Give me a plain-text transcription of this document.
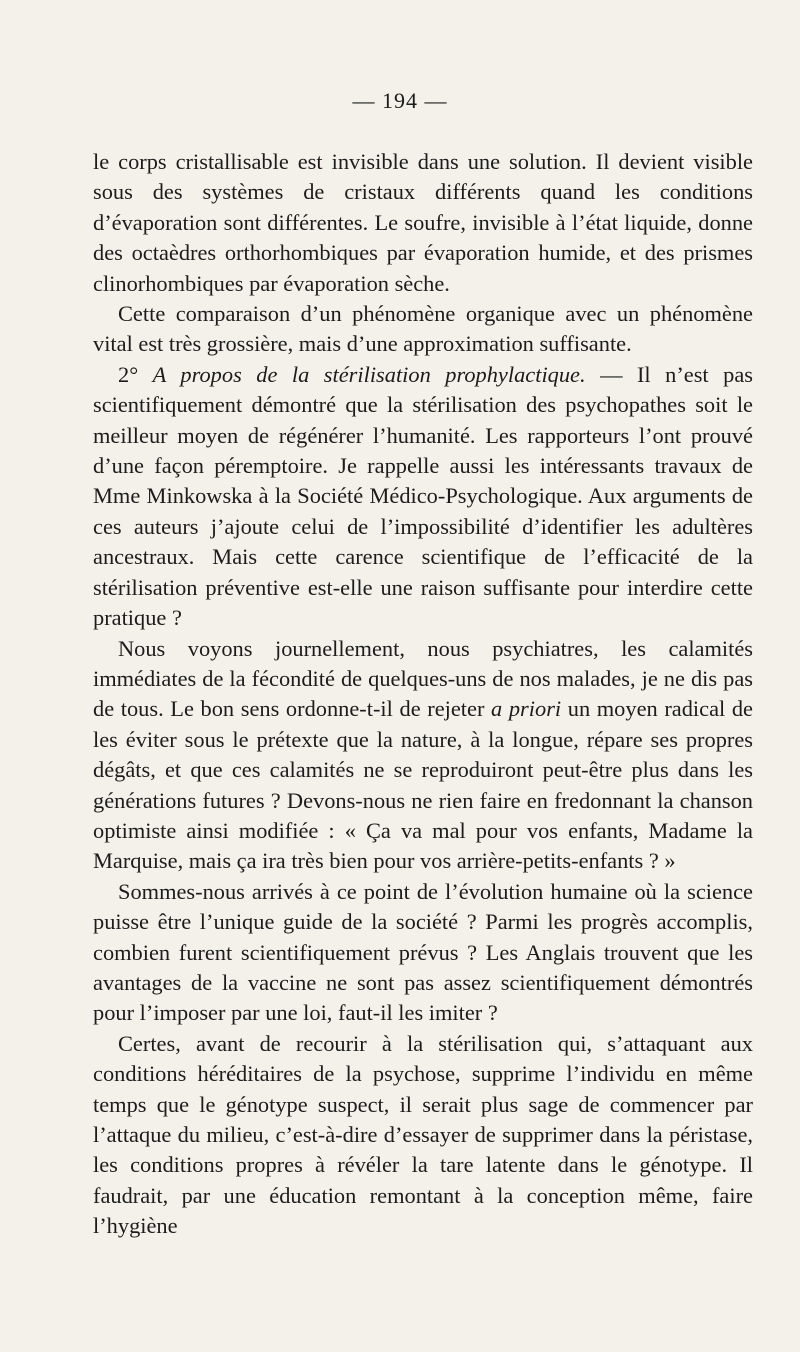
— 194 —

le corps cristallisable est invisible dans une solution. Il devient visible sous des systèmes de cristaux différents quand les conditions d’évaporation sont différentes. Le soufre, invisible à l’état liquide, donne des octaèdres orthorhombiques par évaporation humide, et des prismes clinorhombiques par évaporation sèche.

Cette comparaison d’un phénomène organique avec un phénomène vital est très grossière, mais d’une approximation suffisante.

2° A propos de la stérilisation prophylactique. — Il n’est pas scientifiquement démontré que la stérilisation des psychopathes soit le meilleur moyen de régénérer l’humanité. Les rapporteurs l’ont prouvé d’une façon péremptoire. Je rappelle aussi les intéressants travaux de Mme Minkowska à la Société Médico-Psychologique. Aux arguments de ces auteurs j’ajoute celui de l’impossibilité d’identifier les adultères ancestraux. Mais cette carence scientifique de l’efficacité de la stérilisation préventive est-elle une raison suffisante pour interdire cette pratique ?

Nous voyons journellement, nous psychiatres, les calamités immédiates de la fécondité de quelques-uns de nos malades, je ne dis pas de tous. Le bon sens ordonne-t-il de rejeter a priori un moyen radical de les éviter sous le prétexte que la nature, à la longue, répare ses propres dégâts, et que ces calamités ne se reproduiront peut-être plus dans les générations futures ? Devons-nous ne rien faire en fredonnant la chanson optimiste ainsi modifiée : « Ça va mal pour vos enfants, Madame la Marquise, mais ça ira très bien pour vos arrière-petits-enfants ? »

Sommes-nous arrivés à ce point de l’évolution humaine où la science puisse être l’unique guide de la société ? Parmi les progrès accomplis, combien furent scientifiquement prévus ? Les Anglais trouvent que les avantages de la vaccine ne sont pas assez scientifiquement démontrés pour l’imposer par une loi, faut-il les imiter ?

Certes, avant de recourir à la stérilisation qui, s’attaquant aux conditions héréditaires de la psychose, supprime l’individu en même temps que le génotype suspect, il serait plus sage de commencer par l’attaque du milieu, c’est-à-dire d’essayer de supprimer dans la péristase, les conditions propres à révéler la tare latente dans le génotype. Il faudrait, par une éducation remontant à la conception même, faire l’hygiène
